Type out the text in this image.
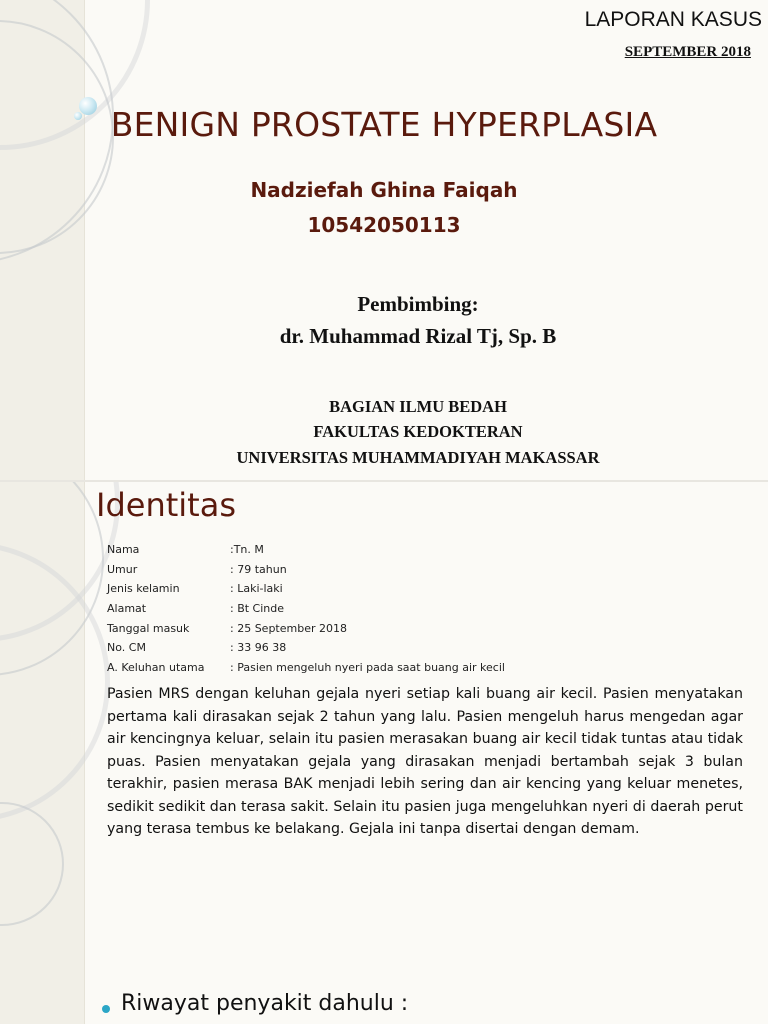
LAPORAN KASUS
SEPTEMBER 2018
BENIGN PROSTATE HYPERPLASIA
Nadziefah Ghina Faiqah
10542050113
Pembimbing:
dr. Muhammad Rizal Tj, Sp. B
BAGIAN ILMU BEDAH
FAKULTAS KEDOKTERAN
UNIVERSITAS MUHAMMADIYAH MAKASSAR
Identitas
Nama	:Tn. M
Umur	: 79 tahun
Jenis kelamin	: Laki-laki
Alamat	: Bt Cinde
Tanggal masuk	: 25 September 2018
No. CM	: 33 96 38
A. Keluhan utama : Pasien mengeluh nyeri pada saat buang air kecil
Pasien MRS dengan keluhan gejala nyeri setiap kali buang air kecil. Pasien menyatakan pertama kali dirasakan sejak 2 tahun yang lalu. Pasien mengeluh harus mengedan agar air kencingnya keluar, selain itu pasien merasakan buang air kecil tidak tuntas atau tidak puas. Pasien menyatakan gejala yang dirasakan menjadi bertambah sejak 3 bulan terakhir, pasien merasa BAK menjadi lebih sering dan air kencing yang keluar menetes, sedikit sedikit dan terasa sakit. Selain itu pasien juga mengeluhkan nyeri di daerah perut yang terasa tembus ke belakang. Gejala ini tanpa disertai dengan demam.
Riwayat penyakit dahulu :
